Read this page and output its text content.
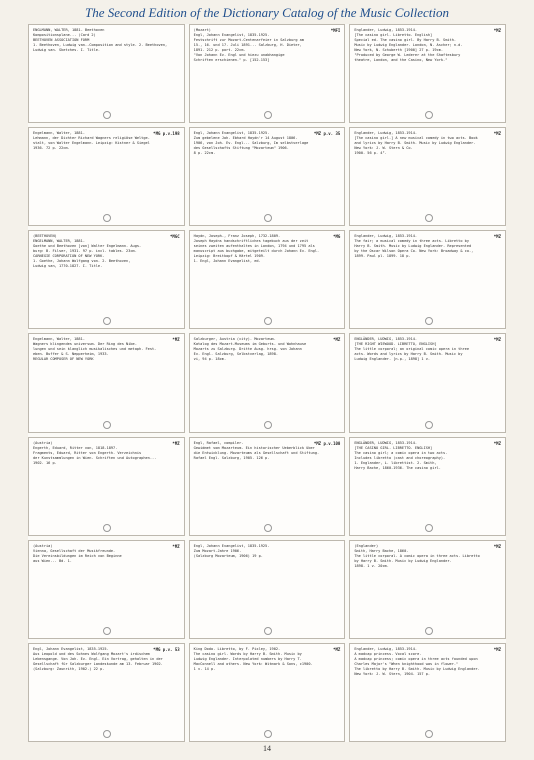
The Second Edition of the Dictionary Catalog of the Music Collection
ENGLMANN, WALTER, 1881- Beethoven
Kompositionsplane... (Card 2)
BEETHOVEN ASSOCIATION FORM
1. Beethoven, Ludwig van--Composition and style. 2. Beethoven,
Ludwig van. Sketches. I. Title.
*MFI
(Mozart)
Engl, Johann Evangelist, 1835-1925.
Festschrift zur Mozart-Centenarfeier in Salzburg am
15., 16. und 17. Juli 1891... Salzburg, H. Dieter,
1891. 212 p. port. 22cm.
"Von Johann Ev. Engl und hiezu unabhangige
Schriften erschienen." p. [152-153]
*MZ
Englander, Ludwig, 1853-1914.
[The casino girl. Libretto. English]
Special ed. The casino girl. By Harry B. Smith.
Music by Ludwig Englander. London, N. Ascher; n.d.
New York, N. Schuberth [1900] 27 p. 19cm.
"Produced by George W. Lederer at the Shaftesbury
theatre, London, and the Casino, New York."
*MG p.v.198
Engelmann, Walter, 1881-
Lehmann, der Dichter Richard Wagners religiöse Weltge-
stalt, von Walter Engelmann. Leipzig: Kistner & Siegel
1936. 72 p. 22cm.
*MZ p.v. 35
Engl, Johann Evangelist, 1835-1925.
Zum gebelene Joh. Ebhard Haydn'r 14 August 1806-
1906, von Joh. Ev. Engl... Salzburg, Im selbstverlage
des Gesellschafts Stiftung "Mozarteum" 1906.
8 p. 22cm.
*MZ
Englander, Ludwig, 1853-1914.
[The casino girl.] A new musical comedy in two acts. Book
and lyrics by Harry B. Smith. Music by Ludwig Englander.
New York: J. W. Stern & Co.
1900. 56 p. 4°.
*MGC
(BEETHOVEN)
ENGELMANN, WALTER, 1881-
Goethe und Beethoven [von] Walter Engelmann. Augs-
burg: B. Filser, 1931. 97 p. incl. tables. 23cm.
CARNEGIE CORPORATION OF NEW YORK.
1. Goethe, Johann Wolfgang von. 2. Beethoven,
Ludwig van, 1770-1827. I. Title.
*MG
Haydn, Joseph-, Franz Joseph, 1732-1809.
Joseph Haydns handschriftliches tagebuch aus der zeit
seines zweiten aufenthaltes in London, 1794 und 1795 als
manuscript aus buchgabe, mitgeteilt durch Johann Ev. Engl.
Leipzig: Breitkopf & Härtel 1909.
1. Engl, Johann Evangelist, ed.
*MZ
Englander, Ludwig, 1853-1914.
The fair; a musical comedy in three acts. Libretto by
Harry B. Smith. Music by Ludwig Englander. Represented
by the Oscar Wilson Opera Co. New York: Broadway & co.,
1899. Paul pl. 1899. 18 p.
*MZ
Engelmann, Walter, 1881-
Wagners klingendes universum. Der Ring des Nibe-
lungen und sein klanglich musikalisches und metaph. Fest-
eben. Buffer & S. Nepperheim, 1933.
REGULAR COMPOSER OF NEW YORK
*MZ
Salzburger, Austria (city). Mozarteum.
Katalog des Mozart-Museums im Geburts- und Wohnhause
Mozarts zu Salzburg. Dritte Ausg. hrsg. von Johann
Ev. Engl. Salzburg, Selbstverlag, 1898.
vi, 94 p. 18cm.
*MZ
ENGLÄNDER, LUDWIG, 1853-1914.
[THE RIGHT WIEWOOD. LIBRETTO, ENGLISH]
The little corporal; an original comic opera in three
acts. Words and lyrics by Harry B. Smith. Music by
Ludwig Englander. [n.p., 1898] 1 v.
*MZ
(Austria)
Engerth, Eduard, Ritter von, 1818-1897.
Fragments, Eduard, Ritter von Engerth. Verzeichnis
der Kunstsammlungen in Wien. Schriften und Autographen...
1902. 16 p.
*MZ p.v.100
Engl, Rafael, compiler.
Gewidmet vom Mozarteum. Ein historischer Ueberblick über
die Entwicklung. Mozarteums als Gesellschaft und Stiftung.
Rafael Engl. Salzburg, 1905. 126 p.
*MZ
ENGLÄNDER, LUDWIG, 1853-1914.
[THE CASINO GIRL. LIBRETTO. ENGLISH]
The casino girl; a comic opera in two acts.
Includes libretto (cast and choreography).
1. Englander, L. librettist. 2. Smith,
Harry Bache, 1860-1936. The casino girl.
*MZ
(Austria)
Vienna, Gesellschaft der Musikfreunde.
Die Vereinsbildungen im Reich von Beginne
aus Wien... Bd. 1.
Engl, Johann Evangelist, 1835-1925.
Zum Mozart-Jahre 1906.
(Salzburg Mozarteum, 1906) 19 p.
*MZ
(Englander)
Smith, Harry Bache, 1860-
The little corporal. A comic opera in three acts. Libretto
by Harry B. Smith. Music by Ludwig Englander.
1898. 1 v. 20cm.
*MG p.v. 53
Engl, Johann Evangelist, 1835-1925.
Aus Leopold und des Sohnes Wolfgang Mozart's irdischem
Lebensgange. Von Joh. Ev. Engl. Ein Vortrag, gehalten in der
Gesellschaft für Salzburger Landeskunde am 13. Februar 1902.
(Salzburg: Zaunrith, 1902.) 22 p.
*MZ
King Dodo. Libretto, by F. Pixley, 1902.
The casino girl. Words by Harry B. Smith. Music by
Ludwig Englander. Interpolated numbers by Harry T.
MacConnell and others. New York: Witmark & Sons, c1900.
1 v. 14 p.
*MZ
Englander, Ludwig, 1853-1914.
A madcap princess. Vocal score.
A madcap princess; comic opera in three acts founded upon
Charles Major's "When knighthood was in flower."
The libretto by Harry B. Smith. Music by Ludwig Englander.
New York: J. W. Stern, 1904. 157 p.
14
